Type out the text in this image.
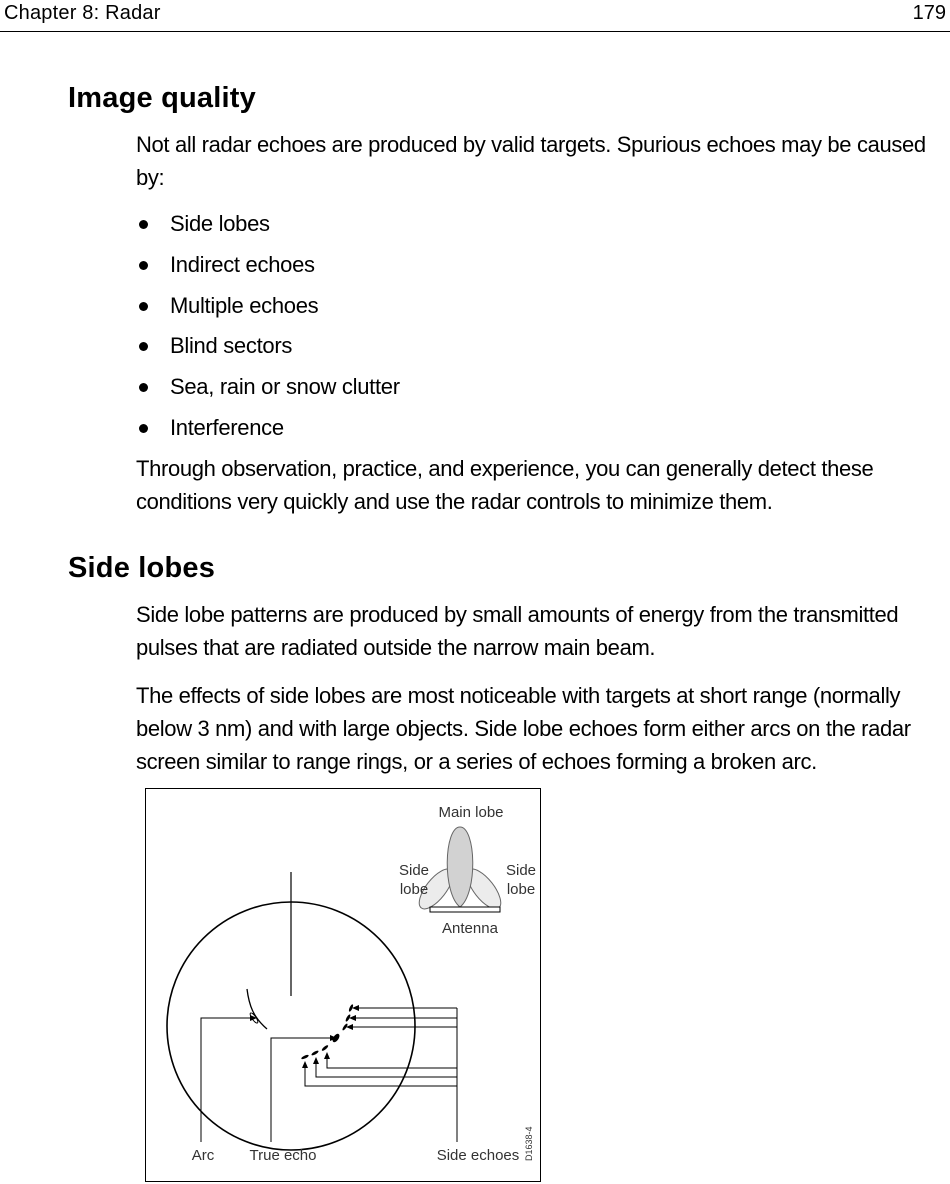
Chapter 8: Radar	179
Image quality

Not all radar echoes are produced by valid targets. Spurious echoes may be caused by:

Side lobes
Indirect echoes
Multiple echoes
Blind sectors
Sea, rain or snow clutter
Interference

Through observation, practice, and experience, you can generally detect these conditions very quickly and use the radar controls to minimize them.

Side lobes

Side lobe patterns are produced by small amounts of energy from the transmitted pulses that are radiated outside the narrow main beam.

The effects of side lobes are most noticeable with targets at short range (normally below 3 nm) and with large objects. Side lobe echoes form either arcs on the radar screen similar to range rings, or a series of echoes forming a broken arc.

Main lobe
Side
lobe
Side
lobe
Antenna
Arc True echo	Side echoes D1638-4
